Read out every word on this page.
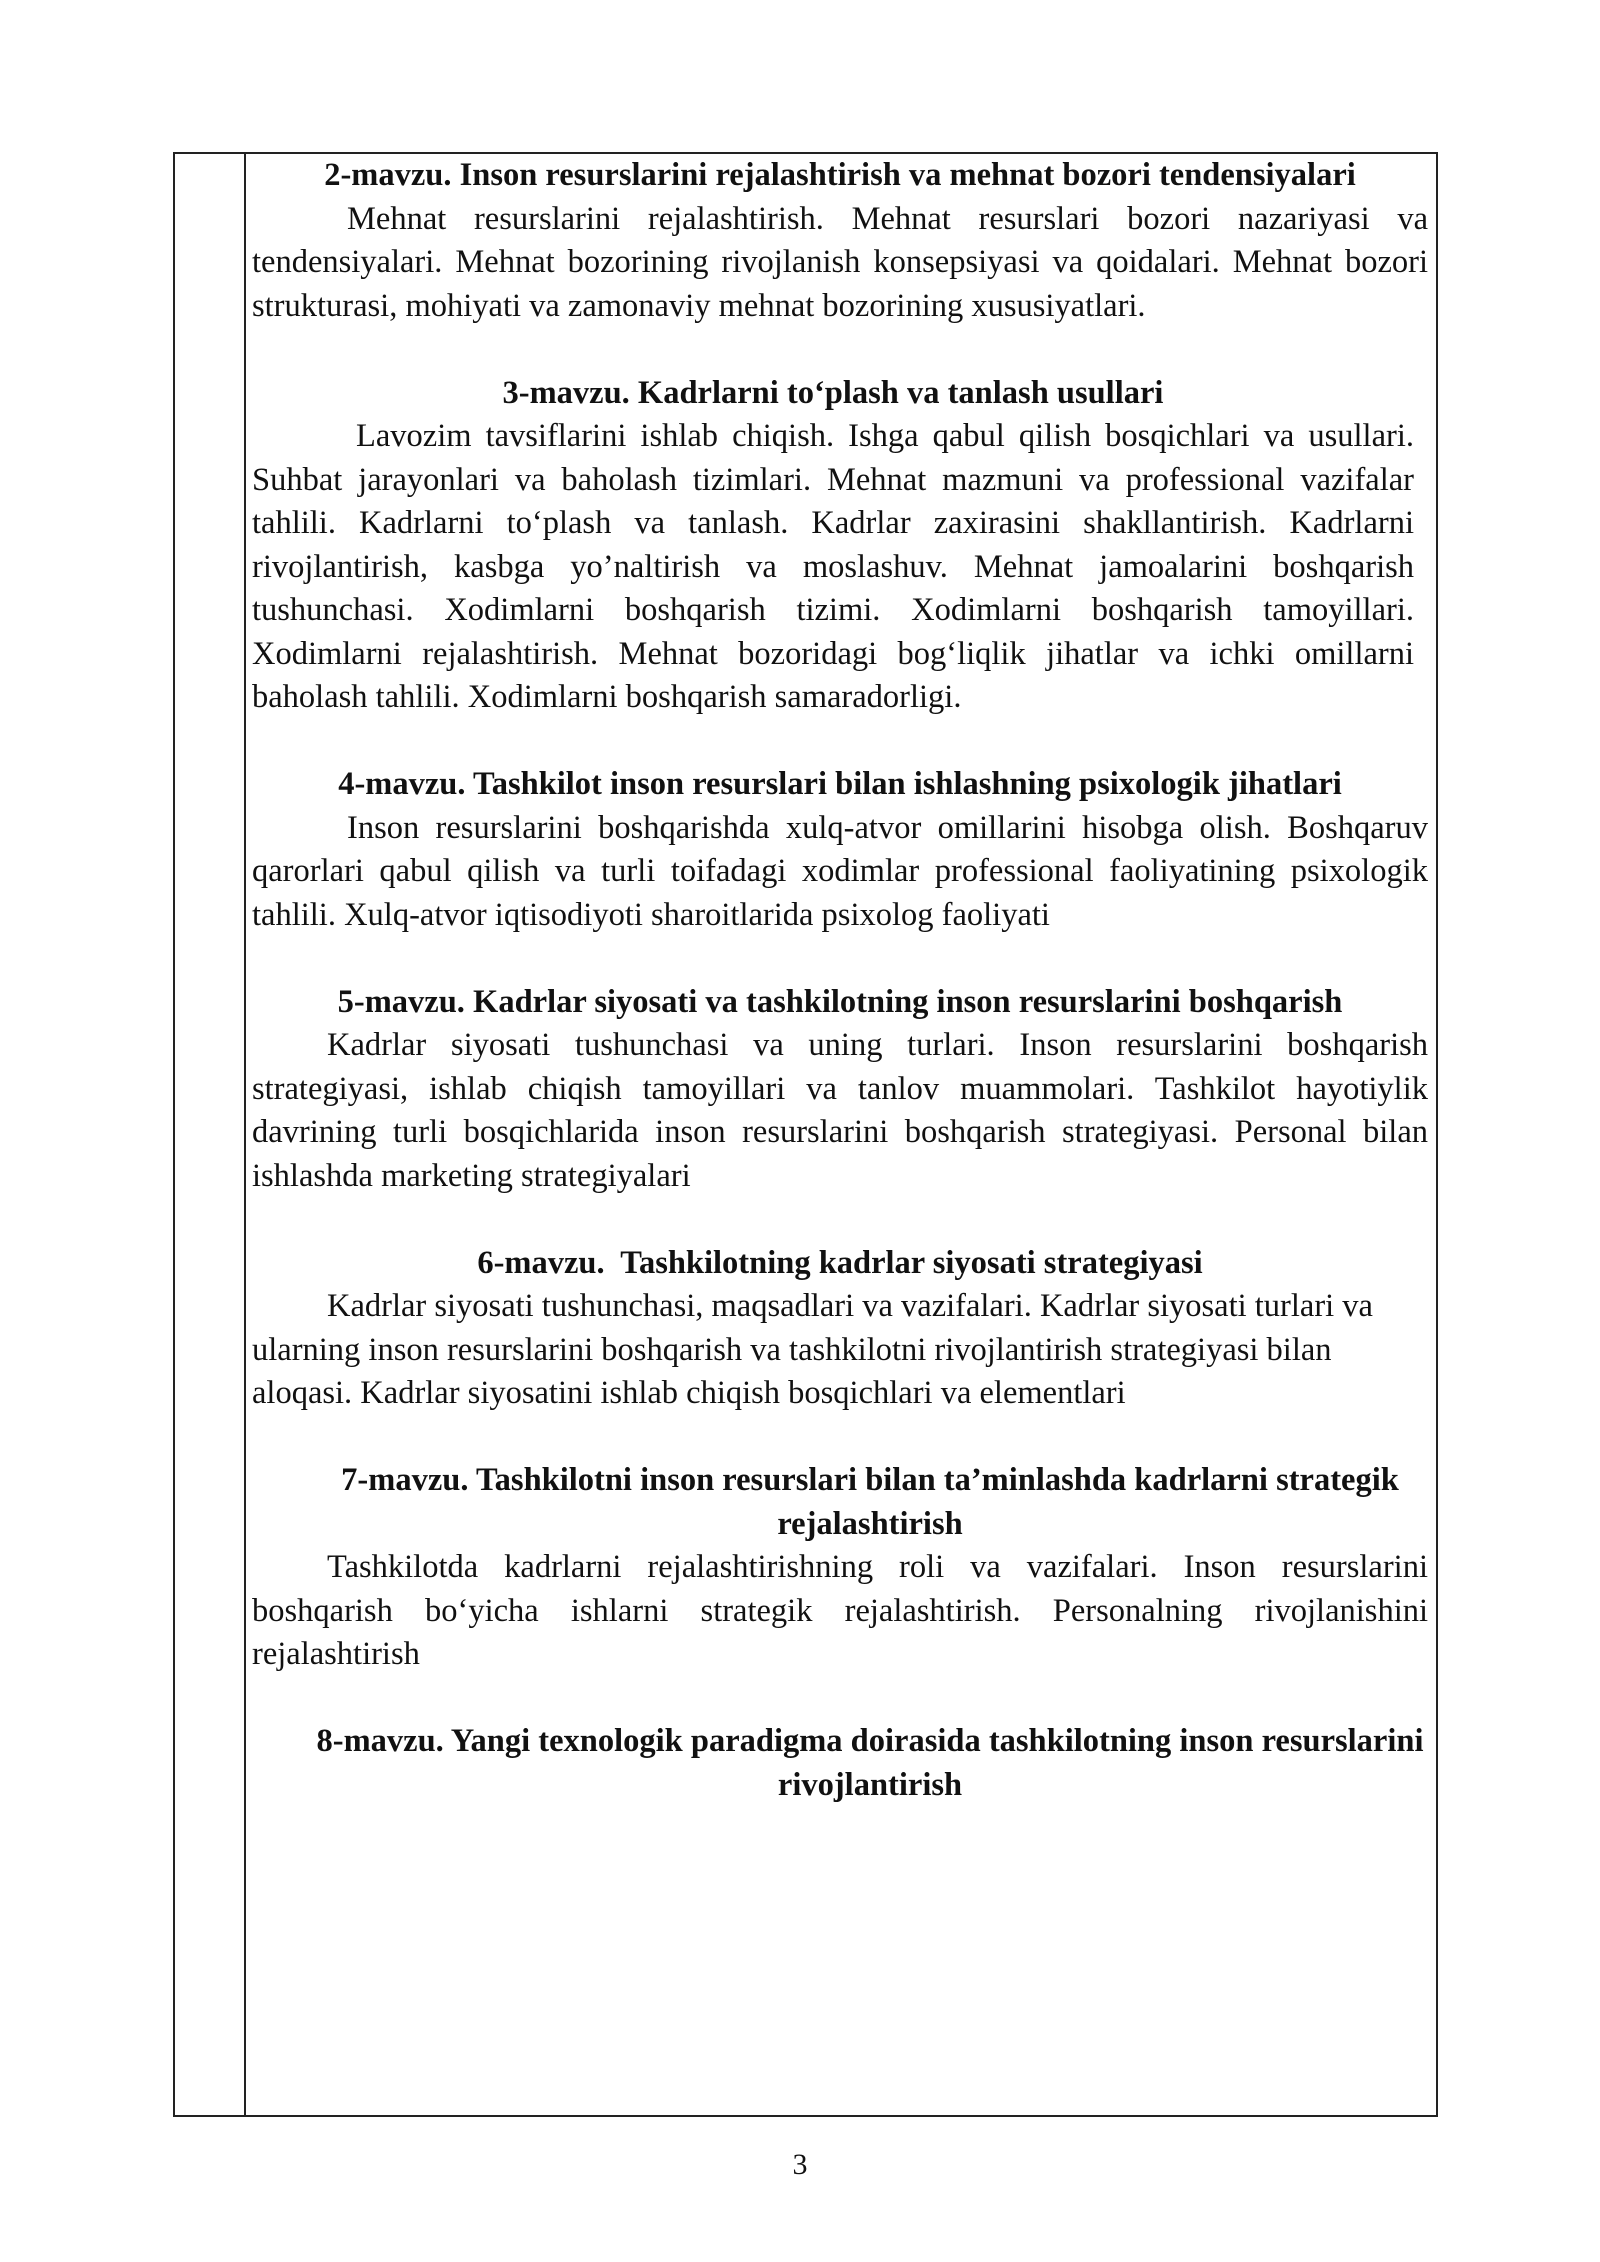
2-mavzu. Inson resurslarini rejalashtirish va mehnat bozori tendensiyalari

Mehnat resurslarini rejalashtirish. Mehnat resurslari bozori nazariyasi va tendensiyalari. Mehnat bozorining rivojlanish konsepsiyasi va qoidalari. Mehnat bozori strukturasi, mohiyati va zamonaviy mehnat bozorining xususiyatlari.

3-mavzu. Kadrlarni to‘plash va tanlash usullari

Lavozim tavsiflarini ishlab chiqish. Ishga qabul qilish bosqichlari va usullari. Suhbat jarayonlari va baholash tizimlari. Mehnat mazmuni va professional vazifalar tahlili. Kadrlarni to‘plash va tanlash. Kadrlar zaxirasini shakllantirish. Kadrlarni rivojlantirish, kasbga yo’naltirish va moslashuv. Mehnat jamoalarini boshqarish tushunchasi. Xodimlarni boshqarish tizimi. Xodimlarni boshqarish tamoyillari. Xodimlarni rejalashtirish. Mehnat bozoridagi bog‘liqlik jihatlar va ichki omillarni baholash tahlili. Xodimlarni boshqarish samaradorligi.

4-mavzu. Tashkilot inson resurslari bilan ishlashning psixologik jihatlari

Inson resurslarini boshqarishda xulq-atvor omillarini hisobga olish. Boshqaruv qarorlari qabul qilish va turli toifadagi xodimlar professional faoliyatining psixologik tahlili. Xulq-atvor iqtisodiyoti sharoitlarida psixolog faoliyati

5-mavzu. Kadrlar siyosati va tashkilotning inson resurslarini boshqarish

Kadrlar siyosati tushunchasi va uning turlari. Inson resurslarini boshqarish strategiyasi, ishlab chiqish tamoyillari va tanlov muammolari. Tashkilot hayotiylik davrining turli bosqichlarida inson resurslarini boshqarish strategiyasi. Personal bilan ishlashda marketing strategiyalari

6-mavzu.  Tashkilotning kadrlar siyosati strategiyasi

Kadrlar siyosati tushunchasi, maqsadlari va vazifalari. Kadrlar siyosati turlari va ularning inson resurslarini boshqarish va tashkilotni rivojlantirish strategiyasi bilan aloqasi. Kadrlar siyosatini ishlab chiqish bosqichlari va elementlari

7-mavzu. Tashkilotni inson resurslari bilan ta’minlashda kadrlarni strategik rejalashtirish

Tashkilotda kadrlarni rejalashtirishning roli va vazifalari. Inson resurslarini boshqarish bo‘yicha ishlarni strategik rejalashtirish. Personalning rivojlanishini rejalashtirish

8-mavzu. Yangi texnologik paradigma doirasida tashkilotning inson resurslarini rivojlantirish

3
